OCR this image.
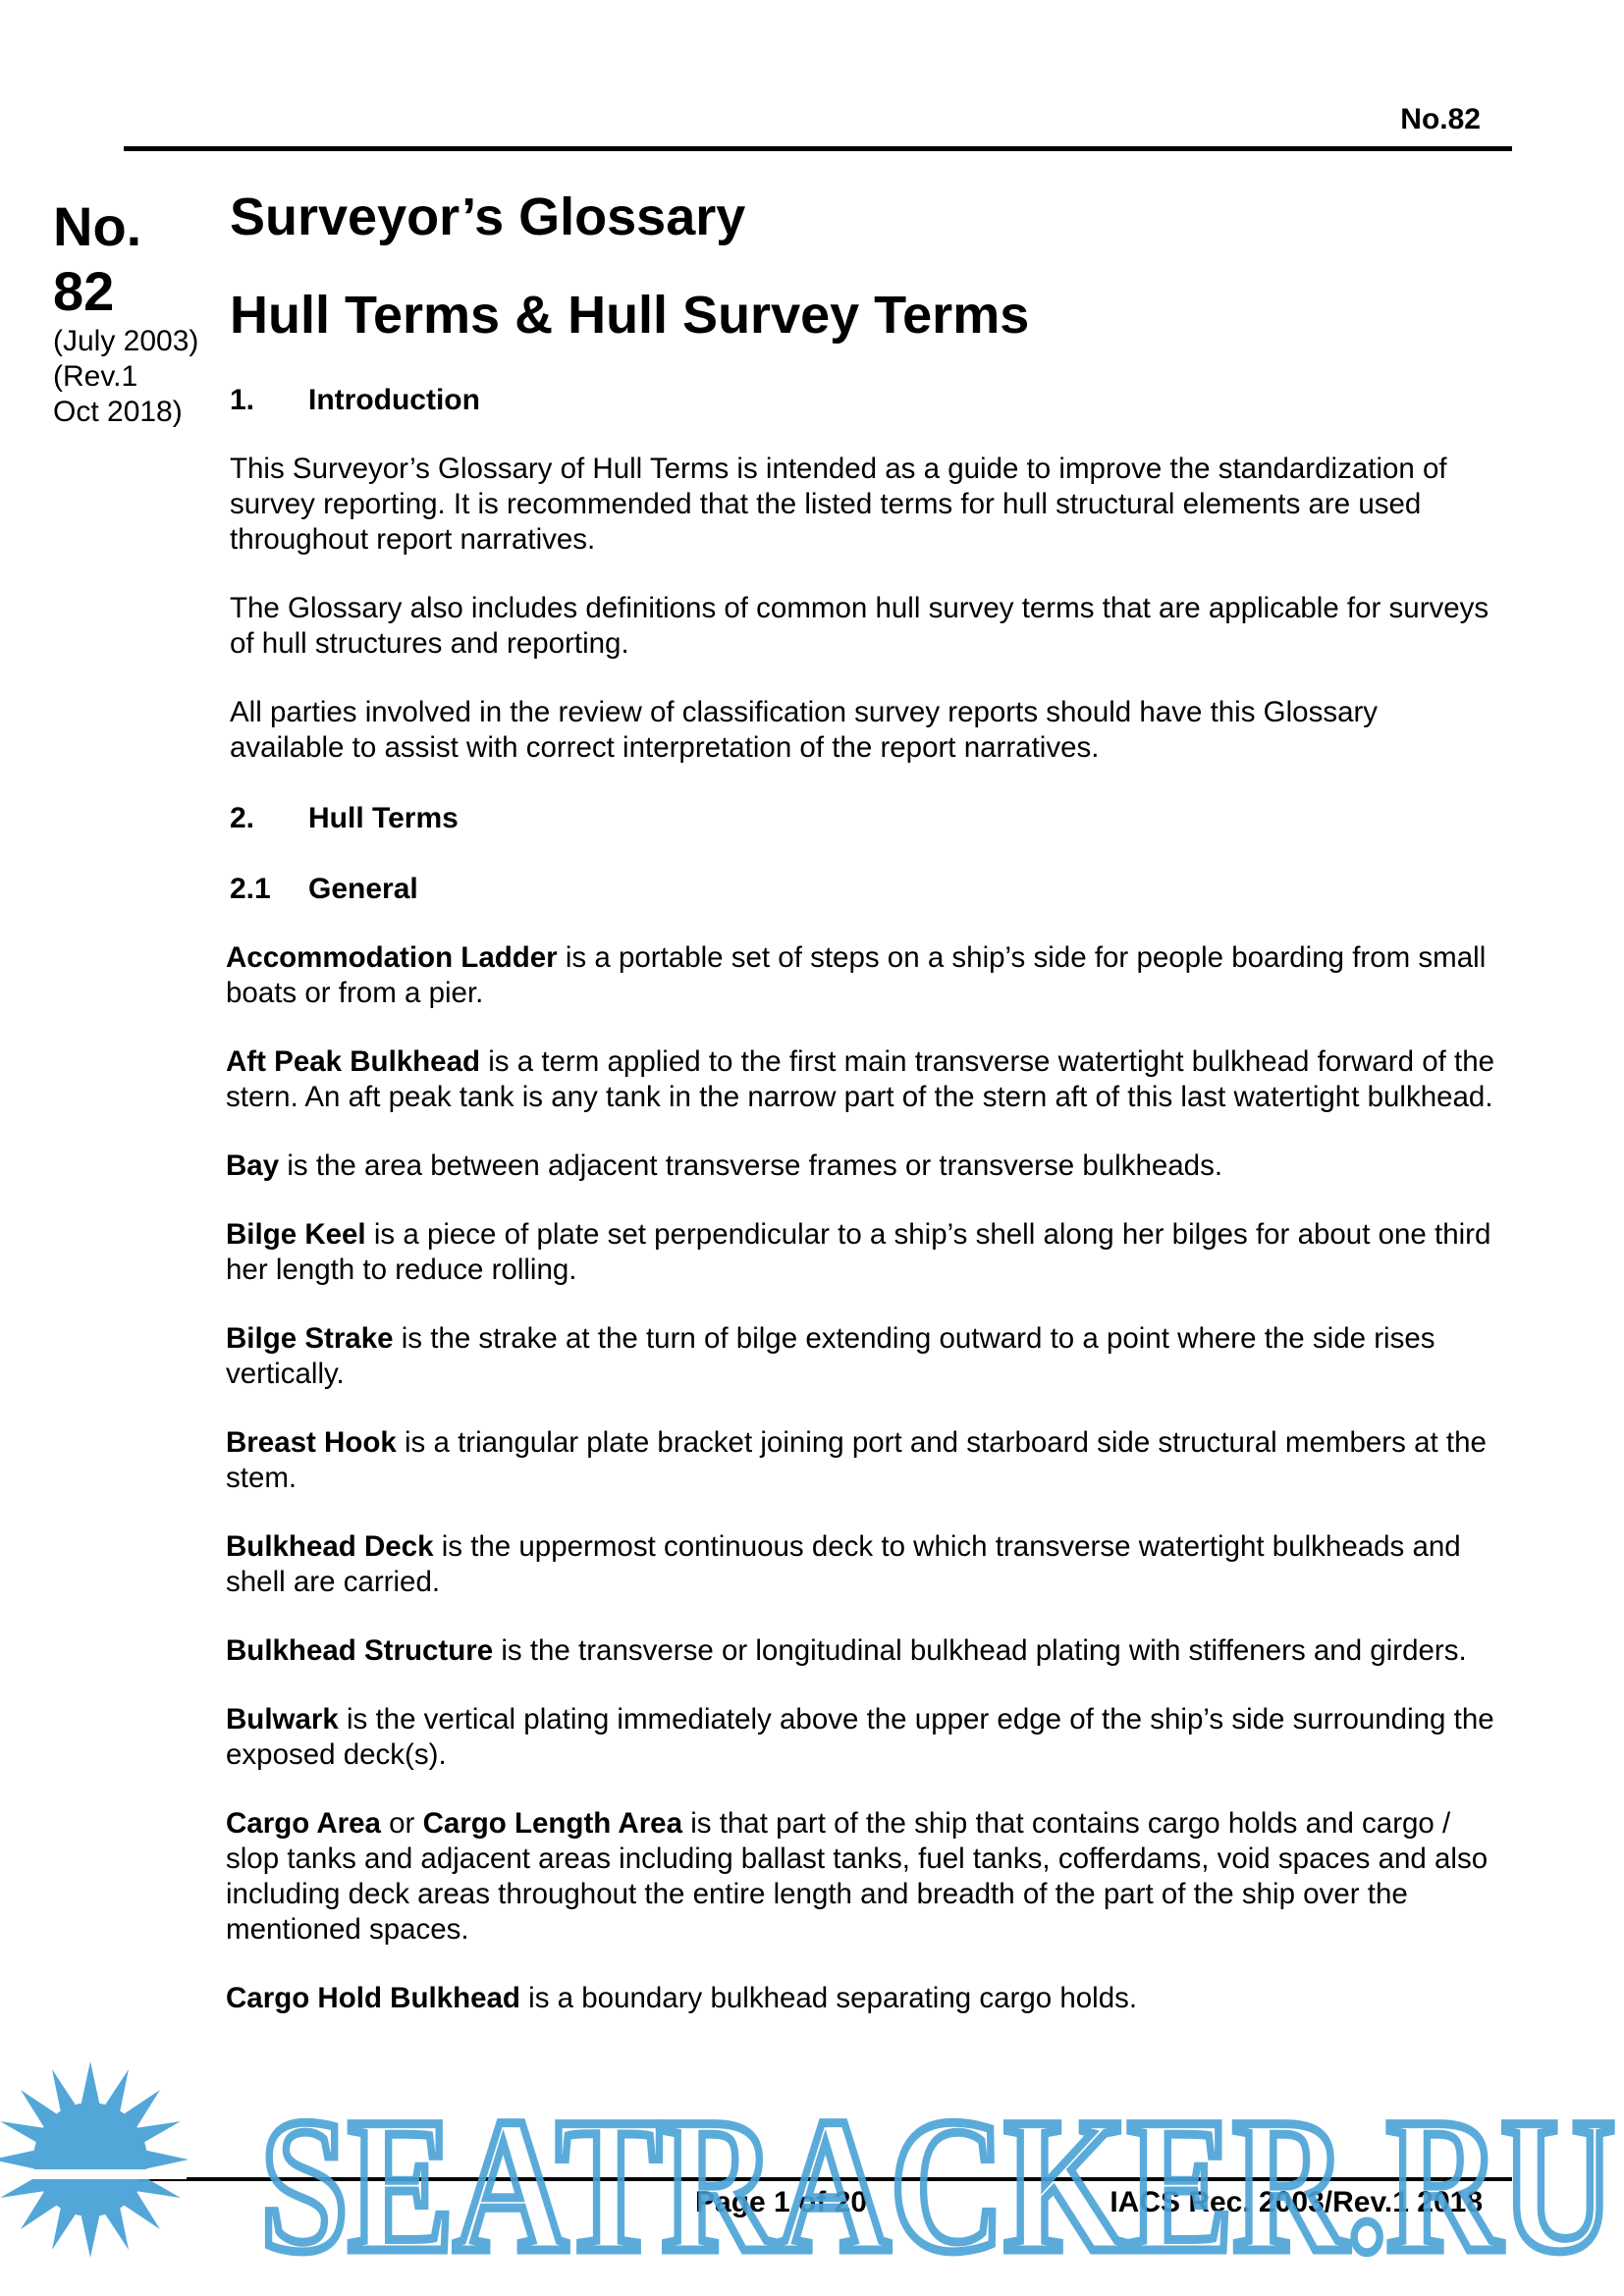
No.82
No.
82
(July 2003)
(Rev.1
Oct 2018)
Surveyor’s Glossary
Hull Terms & Hull Survey Terms
1. Introduction

This Surveyor’s Glossary of Hull Terms is intended as a guide to improve the standardization of survey reporting. It is recommended that the listed terms for hull structural elements are used throughout report narratives.

The Glossary also includes definitions of common hull survey terms that are applicable for surveys of hull structures and reporting.

All parties involved in the review of classification survey reports should have this Glossary available to assist with correct interpretation of the report narratives.

2. Hull Terms
2.1 General

Accommodation Ladder is a portable set of steps on a ship’s side for people boarding from small boats or from a pier.

Aft Peak Bulkhead is a term applied to the first main transverse watertight bulkhead forward of the stern. An aft peak tank is any tank in the narrow part of the stern aft of this last watertight bulkhead.

Bay is the area between adjacent transverse frames or transverse bulkheads.

Bilge Keel is a piece of plate set perpendicular to a ship’s shell along her bilges for about one third her length to reduce rolling.

Bilge Strake is the strake at the turn of bilge extending outward to a point where the side rises vertically.

Breast Hook is a triangular plate bracket joining port and starboard side structural members at the stem.

Bulkhead Deck is the uppermost continuous deck to which transverse watertight bulkheads and shell are carried.

Bulkhead Structure is the transverse or longitudinal bulkhead plating with stiffeners and girders.

Bulwark is the vertical plating immediately above the upper edge of the ship’s side surrounding the exposed deck(s).

Cargo Area or Cargo Length Area is that part of the ship that contains cargo holds and cargo / slop tanks and adjacent areas including ballast tanks, fuel tanks, cofferdams, void spaces and also including deck areas throughout the entire length and breadth of the part of the ship over the mentioned spaces.

Cargo Hold Bulkhead is a boundary bulkhead separating cargo holds.

Page 1 of 20	IACS Rec. 2003/Rev.1 2018
SEATRACKER.RU
